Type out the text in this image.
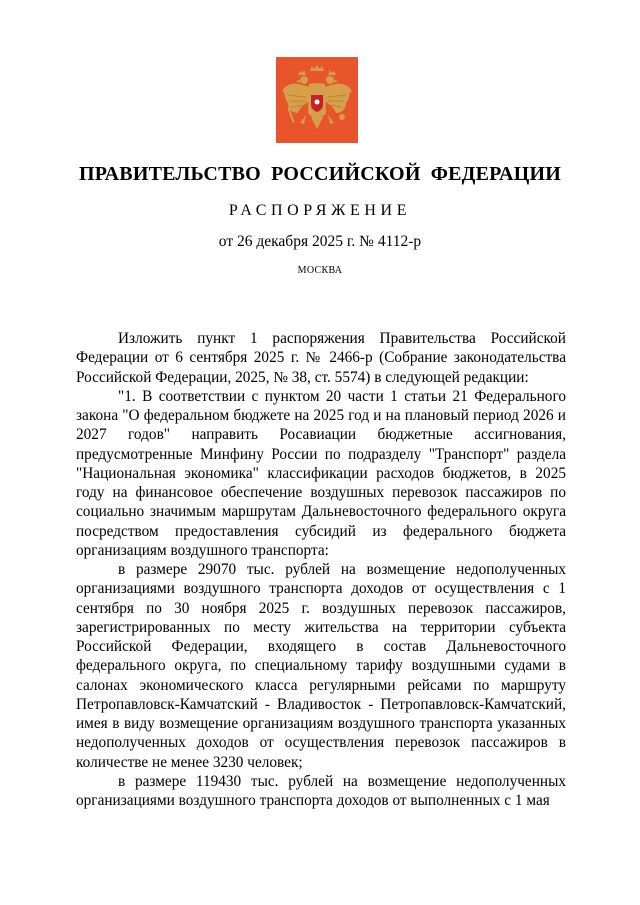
ПРАВИТЕЛЬСТВО РОССИЙСКОЙ ФЕДЕРАЦИИ
РАСПОРЯЖЕНИЕ
от 26 декабря 2025 г. № 4112-р
МОСКВА

Изложить пункт 1 распоряжения Правительства Российской Федерации от 6 сентября 2025 г. № 2466-р (Собрание законодательства Российской Федерации, 2025, № 38, ст. 5574) в следующей редакции:

"1. В соответствии с пунктом 20 части 1 статьи 21 Федерального закона "О федеральном бюджете на 2025 год и на плановый период 2026 и 2027 годов" направить Росавиации бюджетные ассигнования, предусмотренные Минфину России по подразделу "Транспорт" раздела "Национальная экономика" классификации расходов бюджетов, в 2025 году на финансовое обеспечение воздушных перевозок пассажиров по социально значимым маршрутам Дальневосточного федерального округа посредством предоставления субсидий из федерального бюджета организациям воздушного транспорта:

в размере 29070 тыс. рублей на возмещение недополученных организациями воздушного транспорта доходов от осуществления с 1 сентября по 30 ноября 2025 г. воздушных перевозок пассажиров, зарегистрированных по месту жительства на территории субъекта Российской Федерации, входящего в состав Дальневосточного федерального округа, по специальному тарифу воздушными судами в салонах экономического класса регулярными рейсами по маршруту Петропавловск-Камчатский - Владивосток - Петропавловск-Камчатский, имея в виду возмещение организациям воздушного транспорта указанных недополученных доходов от осуществления перевозок пассажиров в количестве не менее 3230 человек;

в размере 119430 тыс. рублей на возмещение недополученных организациями воздушного транспорта доходов от выполненных с 1 мая
